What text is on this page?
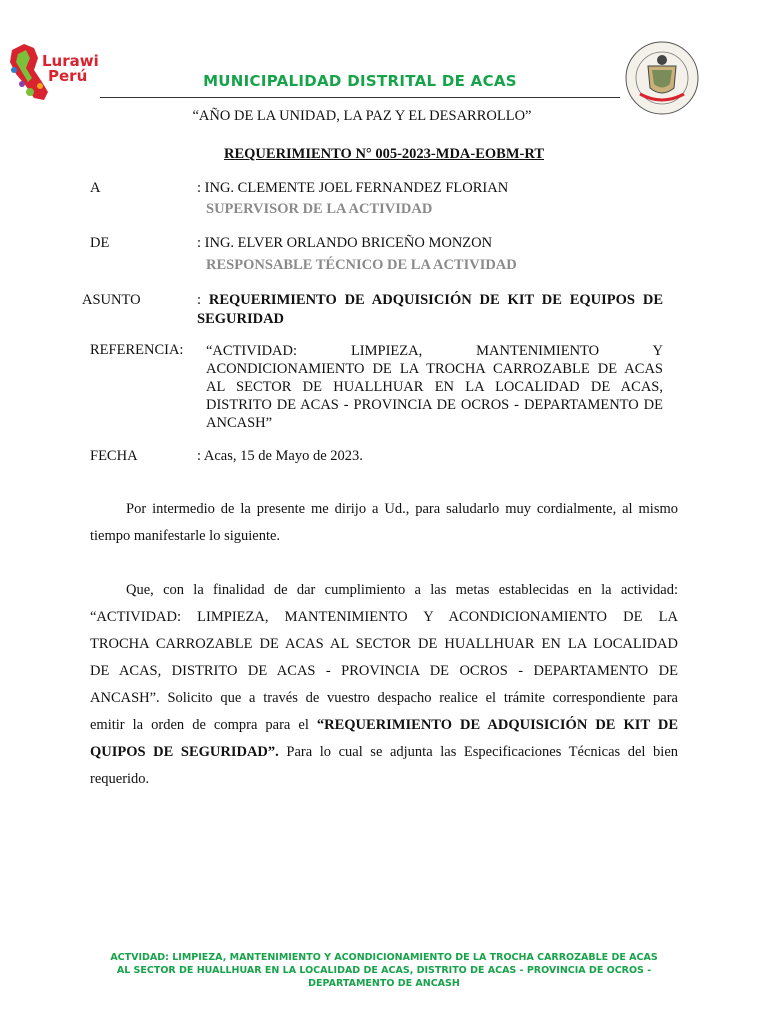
Lurawi
Perú	MUNICIPALIDAD DISTRITAL DE ACAS
“AÑO DE LA UNIDAD, LA PAZ Y EL DESARROLLO”
REQUERIMIENTO N° 005-2023-MDA-EOBM-RT
A	: ING. CLEMENTE JOEL FERNANDEZ FLORIAN
SUPERVISOR DE LA ACTIVIDAD
DE	: ING. ELVER ORLANDO BRICEÑO MONZON
RESPONSABLE TÉCNICO DE LA ACTIVIDAD
ASUNTO	: REQUERIMIENTO DE ADQUISICIÓN DE KIT DE EQUIPOS DE
SEGURIDAD
REFERENCIA: “ACTIVIDAD: LIMPIEZA, MANTENIMIENTO Y
ACONDICIONAMIENTO DE LA TROCHA CARROZABLE DE ACAS
AL SECTOR DE HUALLHUAR EN LA LOCALIDAD DE ACAS,
DISTRITO DE ACAS - PROVINCIA DE OCROS - DEPARTAMENTO DE
ANCASH”
FECHA	: Acas, 15 de Mayo de 2023.
Por intermedio de la presente me dirijo a Ud., para saludarlo muy cordialmente, al mismo
tiempo manifestarle lo siguiente.
Que, con la finalidad de dar cumplimiento a las metas establecidas en la actividad:
“ACTIVIDAD: LIMPIEZA, MANTENIMIENTO Y ACONDICIONAMIENTO DE LA
TROCHA CARROZABLE DE ACAS AL SECTOR DE HUALLHUAR EN LA LOCALIDAD
DE ACAS, DISTRITO DE ACAS - PROVINCIA DE OCROS - DEPARTAMENTO DE
ANCASH”. Solicito que a través de vuestro despacho realice el trámite correspondiente para
emitir la orden de compra para el “REQUERIMIENTO DE ADQUISICIÓN DE KIT DE
QUIPOS DE SEGURIDAD”. Para lo cual se adjunta las Especificaciones Técnicas del bien
requerido.
ACTVIDAD: LIMPIEZA, MANTENIMIENTO Y ACONDICIONAMIENTO DE LA TROCHA CARROZABLE DE ACAS
AL SECTOR DE HUALLHUAR EN LA LOCALIDAD DE ACAS, DISTRITO DE ACAS - PROVINCIA DE OCROS -
DEPARTAMENTO DE ANCASH
